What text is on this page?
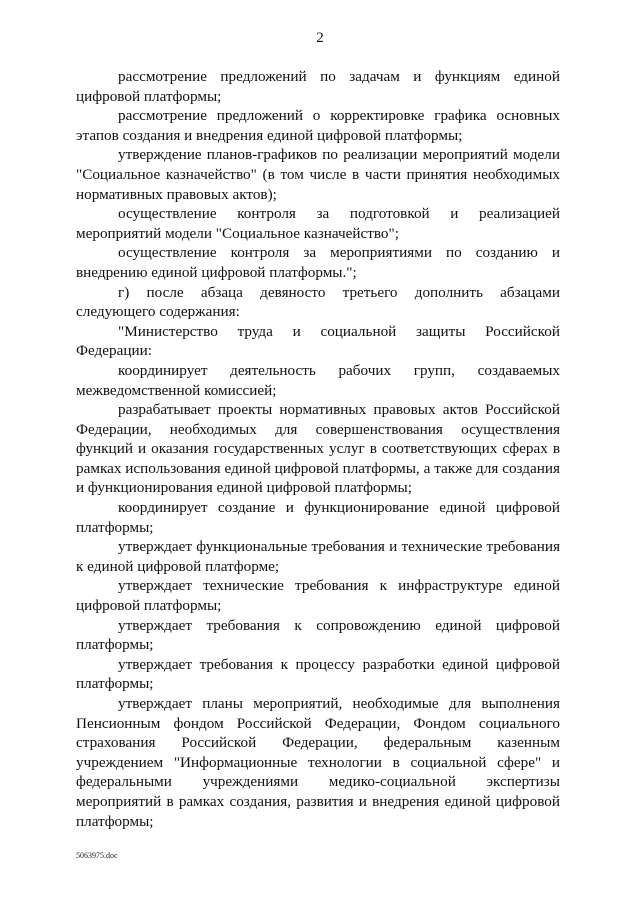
2

рассмотрение предложений по задачам и функциям единой цифровой платформы;

рассмотрение предложений о корректировке графика основных этапов создания и внедрения единой цифровой платформы;

утверждение планов-графиков по реализации мероприятий модели "Социальное казначейство" (в том числе в части принятия необходимых нормативных правовых актов);

осуществление контроля за подготовкой и реализацией мероприятий модели "Социальное казначейство";

осуществление контроля за мероприятиями по созданию и внедрению единой цифровой платформы.";

г) после абзаца девяносто третьего дополнить абзацами следующего содержания:

"Министерство труда и социальной защиты Российской Федерации:

координирует деятельность рабочих групп, создаваемых межведомственной комиссией;

разрабатывает проекты нормативных правовых актов Российской Федерации, необходимых для совершенствования осуществления функций и оказания государственных услуг в соответствующих сферах в рамках использования единой цифровой платформы, а также для создания и функционирования единой цифровой платформы;

координирует создание и функционирование единой цифровой платформы;

утверждает функциональные требования и технические требования к единой цифровой платформе;

утверждает технические требования к инфраструктуре единой цифровой платформы;

утверждает требования к сопровождению единой цифровой платформы;

утверждает требования к процессу разработки единой цифровой платформы;

утверждает планы мероприятий, необходимые для выполнения Пенсионным фондом Российской Федерации, Фондом социального страхования Российской Федерации, федеральным казенным учреждением "Информационные технологии в социальной сфере" и федеральными учреждениями медико-социальной экспертизы мероприятий в рамках создания, развития и внедрения единой цифровой платформы;

5063975.doc
